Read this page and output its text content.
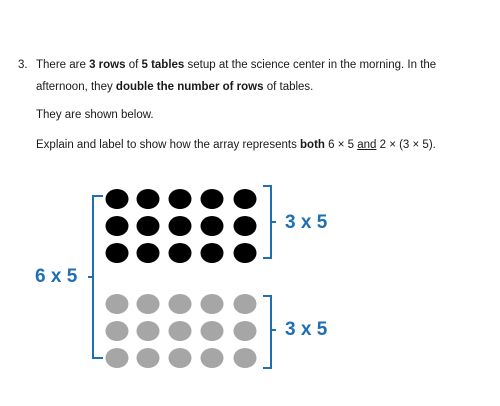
3. There are 3 rows of 5 tables setup at the science center in the morning. In the
afternoon, they double the number of rows of tables.
They are shown below.
Explain and label to show how the array represents both 6 × 5 and 2 × (3 × 5).
6 x 5
3 x 5
3 x 5
